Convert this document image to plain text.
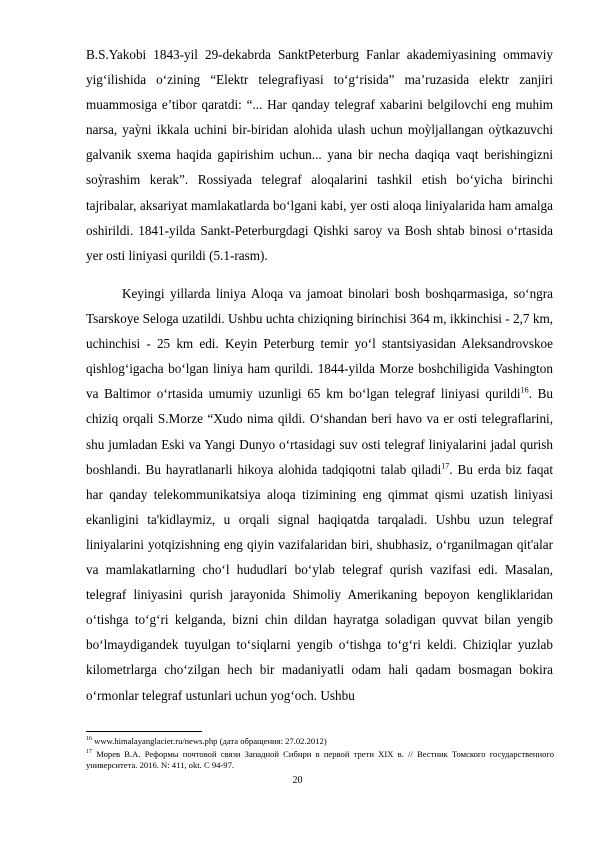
B.S.Yakobi 1843-yil 29-dekabrda SanktPeterburg Fanlar akademiyasining ommaviy yig‘ilishida o‘zining “Elektr telegrafiyasi to‘g‘risida” ma’ruzasida elektr zanjiri muammosiga e’tibor qaratdi: “... Har qanday telegraf xabarini belgilovchi eng muhim narsa, yaỳni ikkala uchini bir-biridan alohida ulash uchun moỳljallangan oỳtkazuvchi galvanik sxema haqida gapirishim uchun... yana bir necha daqiqa vaqt berishingizni soỳrashim kerak”. Rossiyada telegraf aloqalarini tashkil etish bo‘yicha birinchi tajribalar, aksariyat mamlakatlarda bo‘lgani kabi, yer osti aloqa liniyalarida ham amalga oshirildi. 1841-yilda Sankt-Peterburgdagi Qishki saroy va Bosh shtab binosi o‘rtasida yer osti liniyasi qurildi (5.1-rasm).

Keyingi yillarda liniya Aloqa va jamoat binolari bosh boshqarmasiga, so‘ngra Tsarskoye Seloga uzatildi. Ushbu uchta chiziqning birinchisi 364 m, ikkinchisi - 2,7 km, uchinchisi - 25 km edi. Keyin Peterburg temir yo‘l stantsiyasidan Aleksandrovskoe qishlog‘igacha bo‘lgan liniya ham qurildi. 1844-yilda Morze boshchiligida Vashington va Baltimor o‘rtasida umumiy uzunligi 65 km bo‘lgan telegraf liniyasi qurildi$^{16}$. Bu chiziq orqali S.Morze “Xudo nima qildi. O‘shandan beri havo va er osti telegraflarini, shu jumladan Eski va Yangi Dunyo o‘rtasidagi suv osti telegraf liniyalarini jadal qurish boshlandi. Bu hayratlanarli hikoya alohida tadqiqotni talab qiladi$^{17}$. Bu erda biz faqat har qanday telekommunikatsiya aloqa tizimining eng qimmat qismi uzatish liniyasi ekanligini ta'kidlaymiz, u orqali signal haqiqatda tarqaladi. Ushbu uzun telegraf liniyalarini yotqizishning eng qiyin vazifalaridan biri, shubhasiz, o‘rganilmagan qit'alar va mamlakatlarning cho‘l hududlari bo‘ylab telegraf qurish vazifasi edi. Masalan, telegraf liniyasini qurish jarayonida Shimoliy Amerikaning bepoyon kengliklaridan o‘tishga to‘g‘ri kelganda, bizni chin dildan hayratga soladigan quvvat bilan yengib bo‘lmaydigandek tuyulgan to‘siqlarni yengib o‘tishga to‘g‘ri keldi. Chiziqlar yuzlab kilometrlarga cho‘zilgan hech bir madaniyatli odam hali qadam bosmagan bokira o‘rmonlar telegraf ustunlari uchun yog‘och. Ushbu

$^{16}$ www.himalayanglacier.ru/news.php (дата обращения: 27.02.2012)

$^{17}$ Морев В.А. Реформы почтовой связи Западной Сибири в первой трети XIX в. // Вестник Томского государственного университета. 2016. N: 411, okt. С 94-97.

20
